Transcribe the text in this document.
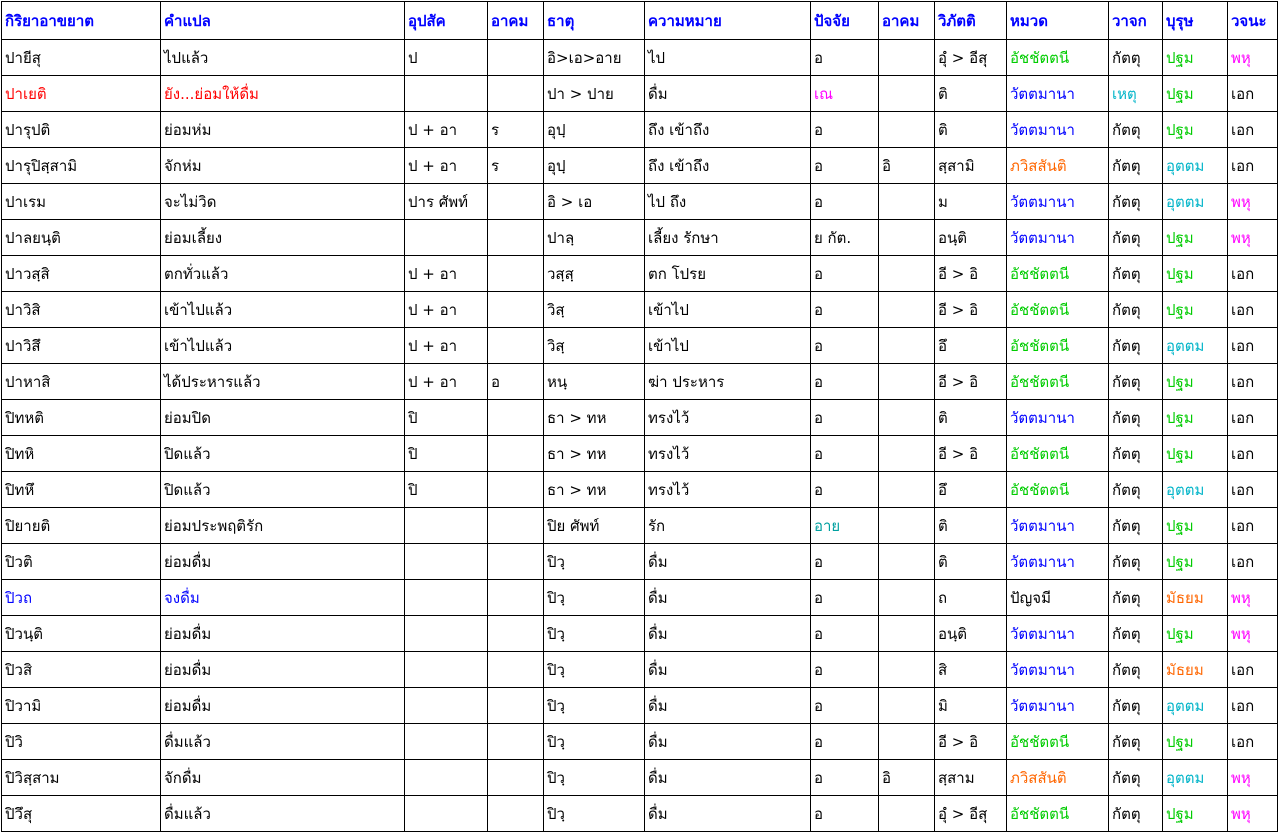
กิริยาอาขยาต	คำแปล	อุปสัค	อาคม	ธาตุ	ความหมาย	ปัจจัย	อาคม	วิภัตติ	หมวด	วาจก	บุรุษ	วจนะ
ปายีสุ	ไปแล้ว	ป		อิ>เอ>อาย	ไป	อ		อุํ > อีสุ	อัชชัตตนี	กัตตุ	ปฐม	พหุ
ปาเยติ	ยัง...ย่อมให้ดื่ม			ปา > ปาย	ดื่ม	เณ		ติ	วัตตมานา	เหตุ	ปฐม	เอก
ปารุปติ	ย่อมห่ม	ป + อา	ร	อุปฺ	ถึง เข้าถึง	อ		ติ	วัตตมานา	กัตตุ	ปฐม	เอก
ปารุปิสฺสามิ	จักห่ม	ป + อา	ร	อุปฺ	ถึง เข้าถึง	อ	อิ	สฺสามิ	ภวิสสันติ	กัตตุ	อุตตม	เอก
ปาเรม	จะไม่วิด	ปาร ศัพท์		อิ > เอ	ไป ถึง	อ		ม	วัตตมานา	กัตตุ	อุตตม	พหุ
ปาลยนฺติ	ย่อมเลี้ยง			ปาลฺ	เลี้ยง รักษา	ย กัต.		อนฺติ	วัตตมานา	กัตตุ	ปฐม	พหุ
ปาวสฺสิ	ตกทั่วแล้ว	ป + อา		วสฺสฺ	ตก โปรย	อ		อี > อิ	อัชชัตตนี	กัตตุ	ปฐม	เอก
ปาวิสิ	เข้าไปแล้ว	ป + อา		วิสฺ	เข้าไป	อ		อี > อิ	อัชชัตตนี	กัตตุ	ปฐม	เอก
ปาวิสึ	เข้าไปแล้ว	ป + อา		วิสฺ	เข้าไป	อ		อึ	อัชชัตตนี	กัตตุ	อุตตม	เอก
ปาหาสิ	ได้ประหารแล้ว	ป + อา	อ	หนฺ	ฆ่า ประหาร	อ		อี > อิ	อัชชัตตนี	กัตตุ	ปฐม	เอก
ปิทหติ	ย่อมปิด	ปิ		ธา > ทห	ทรงไว้	อ		ติ	วัตตมานา	กัตตุ	ปฐม	เอก
ปิทหิ	ปิดแล้ว	ปิ		ธา > ทห	ทรงไว้	อ		อี > อิ	อัชชัตตนี	กัตตุ	ปฐม	เอก
ปิทหึ	ปิดแล้ว	ปิ		ธา > ทห	ทรงไว้	อ		อึ	อัชชัตตนี	กัตตุ	อุตตม	เอก
ปิยายติ	ย่อมประพฤติรัก			ปิย ศัพท์	รัก	อาย		ติ	วัตตมานา	กัตตุ	ปฐม	เอก
ปิวติ	ย่อมดื่ม			ปิวฺ	ดื่ม	อ		ติ	วัตตมานา	กัตตุ	ปฐม	เอก
ปิวถ	จงดื่ม			ปิวฺ	ดื่ม	อ		ถ	ปัญจมี	กัตตุ	มัธยม	พหุ
ปิวนฺติ	ย่อมดื่ม			ปิวฺ	ดื่ม	อ		อนฺติ	วัตตมานา	กัตตุ	ปฐม	พหุ
ปิวสิ	ย่อมดื่ม			ปิวฺ	ดื่ม	อ		สิ	วัตตมานา	กัตตุ	มัธยม	เอก
ปิวามิ	ย่อมดื่ม			ปิวฺ	ดื่ม	อ		มิ	วัตตมานา	กัตตุ	อุตตม	เอก
ปิวิ	ดื่มแล้ว			ปิวฺ	ดื่ม	อ		อี > อิ	อัชชัตตนี	กัตตุ	ปฐม	เอก
ปิวิสฺสาม	จักดื่ม			ปิวฺ	ดื่ม	อ	อิ	สฺสาม	ภวิสสันติ	กัตตุ	อุตตม	พหุ
ปิวึสุ	ดื่มแล้ว			ปิวฺ	ดื่ม	อ		อุํ > อีสุ	อัชชัตตนี	กัตตุ	ปฐม	พหุ
